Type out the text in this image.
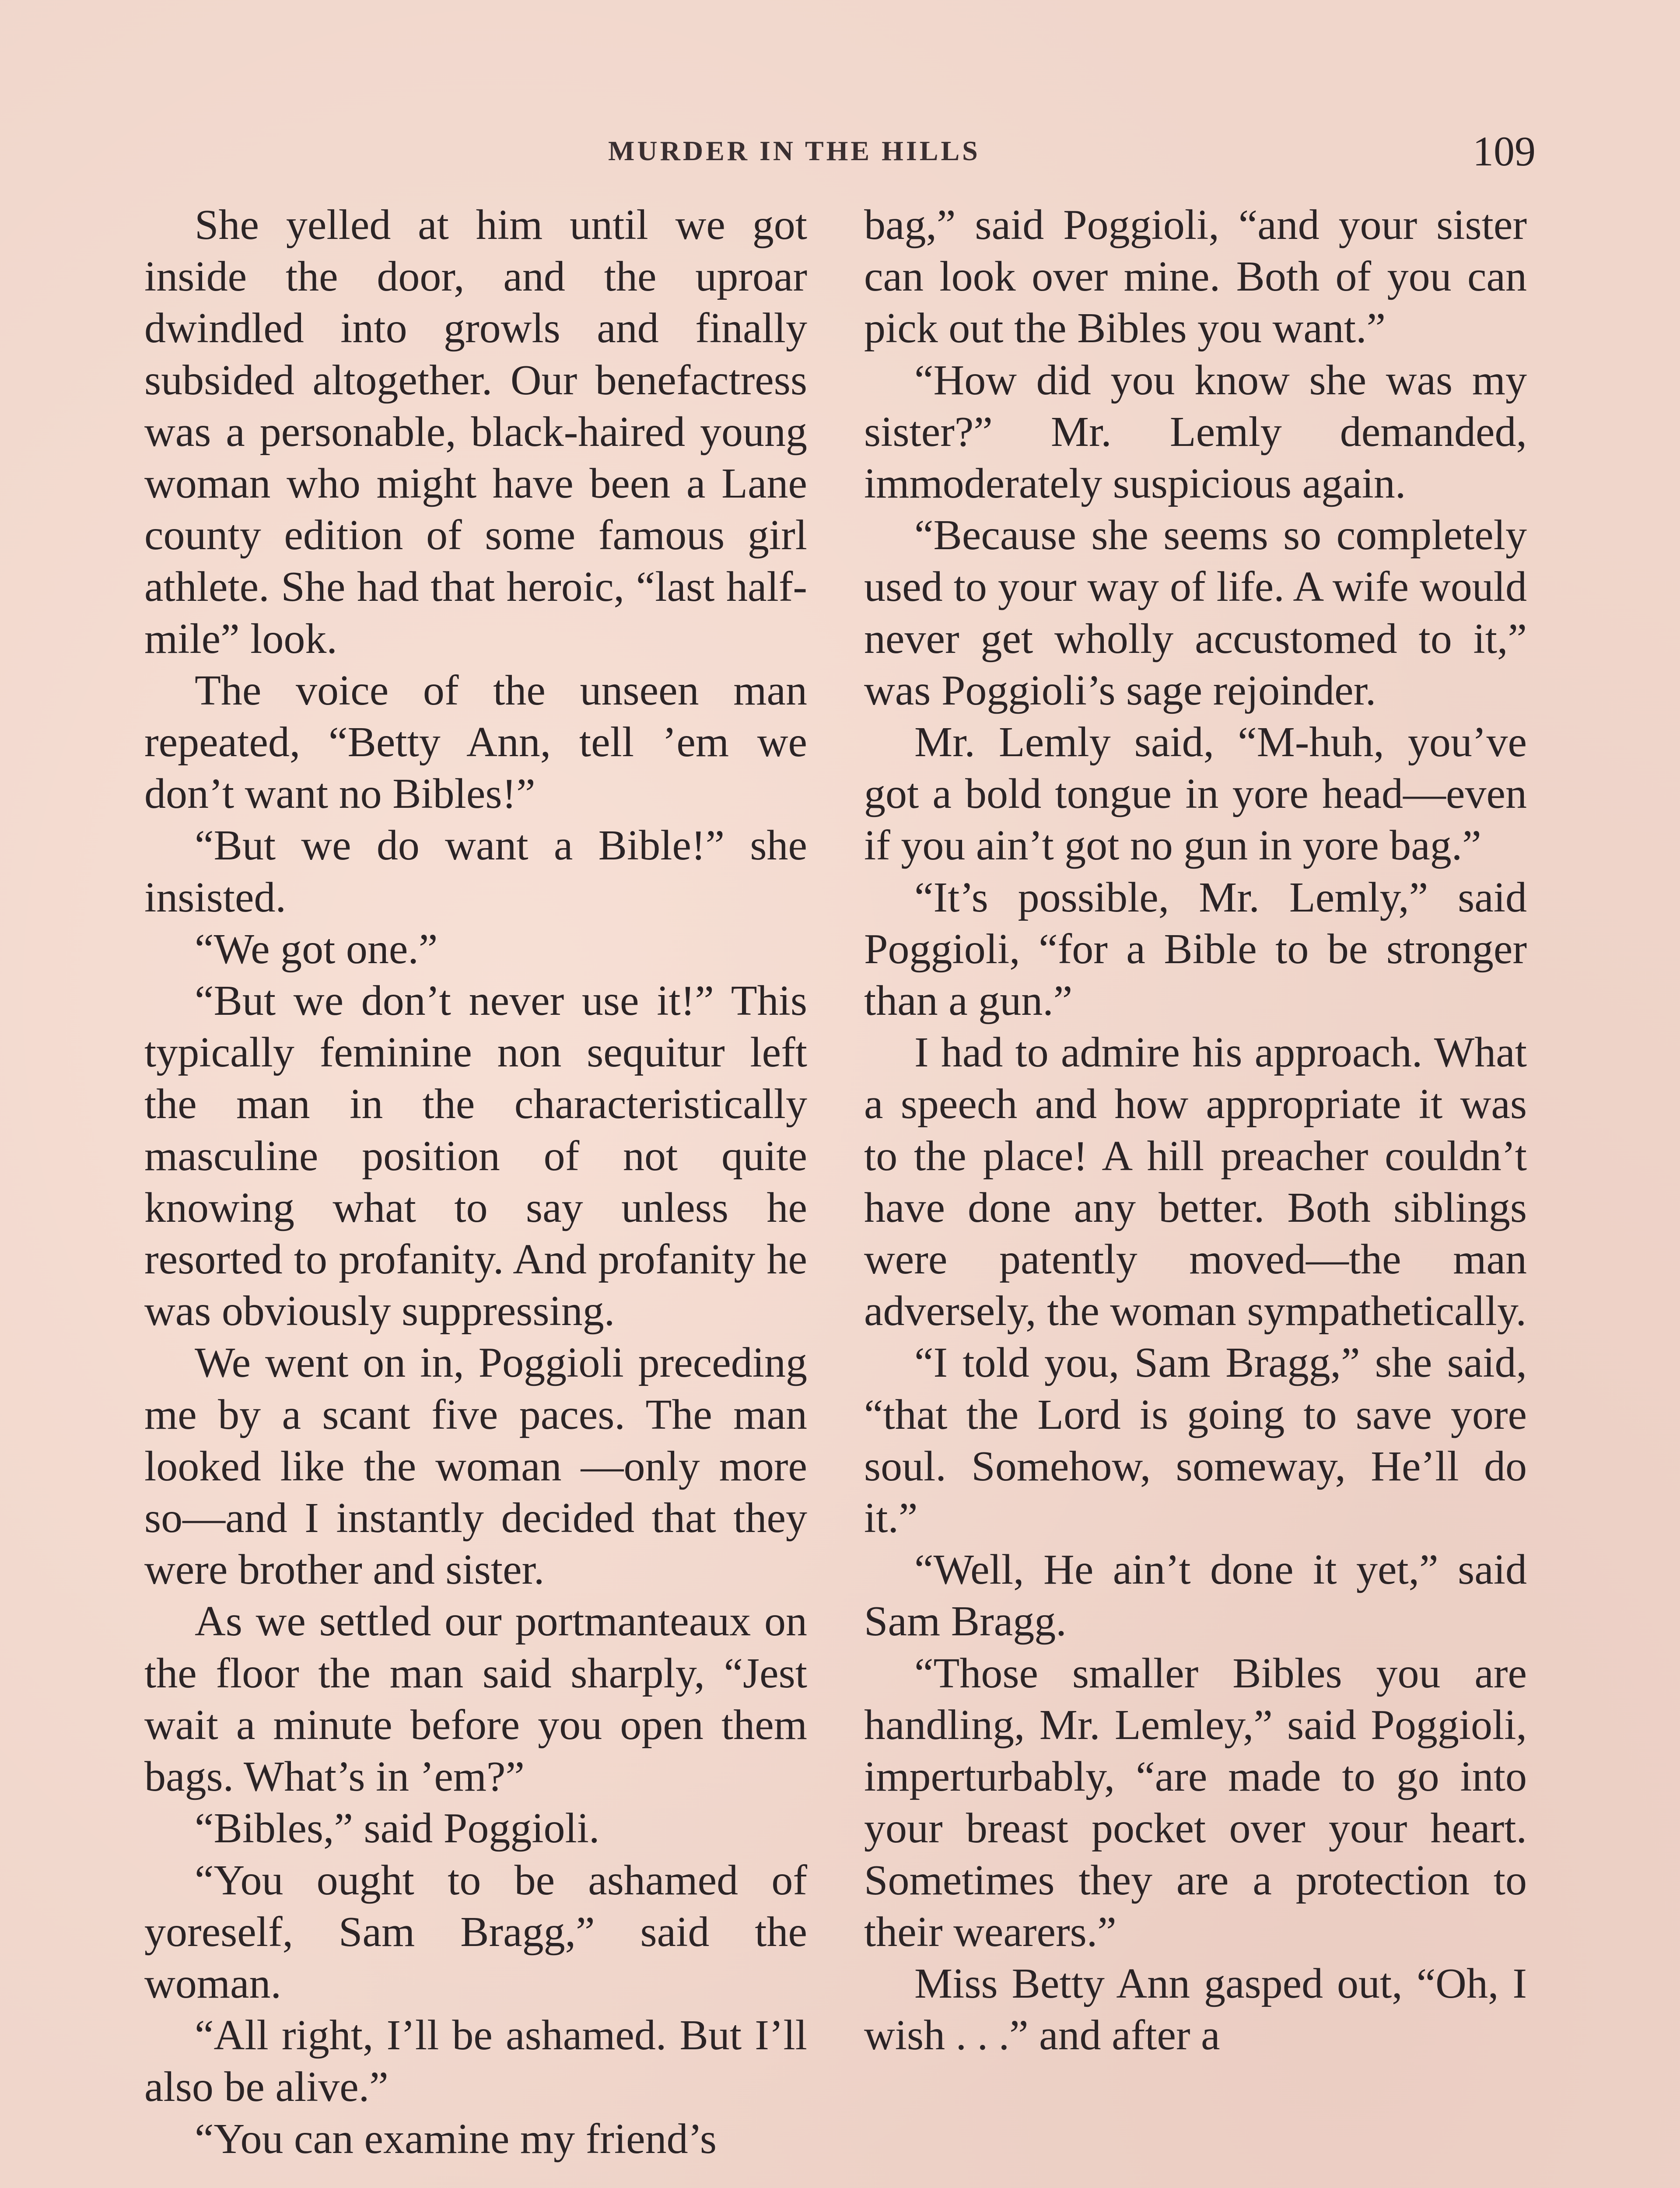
MURDER IN THE HILLS	109

She yelled at him until we got inside the door, and the uproar dwindled into growls and finally subsided altogether. Our benefactress was a personable, black-haired young woman who might have been a Lane county edition of some famous girl athlete. She had that heroic, “last half-mile” look.

The voice of the unseen man repeated, “Betty Ann, tell ’em we don’t want no Bibles!”

“But we do want a Bible!” she insisted.

“We got one.”

“But we don’t never use it!” This typically feminine non sequitur left the man in the characteristically masculine position of not quite knowing what to say unless he resorted to profanity. And profanity he was obviously suppressing.

We went on in, Poggioli preceding me by a scant five paces. The man looked like the woman —only more so—and I instantly decided that they were brother and sister.

As we settled our portmanteaux on the floor the man said sharply, “Jest wait a minute before you open them bags. What’s in ’em?”

“Bibles,” said Poggioli.

“You ought to be ashamed of yoreself, Sam Bragg,” said the woman.

“All right, I’ll be ashamed. But I’ll also be alive.”

“You can examine my friend’s

bag,” said Poggioli, “and your sister can look over mine. Both of you can pick out the Bibles you want.”

“How did you know she was my sister?” Mr. Lemly demanded, immoderately suspicious again.

“Because she seems so completely used to your way of life. A wife would never get wholly accustomed to it,” was Poggioli’s sage rejoinder.

Mr. Lemly said, “M-huh, you’ve got a bold tongue in yore head—even if you ain’t got no gun in yore bag.”

“It’s possible, Mr. Lemly,” said Poggioli, “for a Bible to be stronger than a gun.”

I had to admire his approach. What a speech and how appropriate it was to the place! A hill preacher couldn’t have done any better. Both siblings were patently moved—the man adversely, the woman sympathetically.

“I told you, Sam Bragg,” she said, “that the Lord is going to save yore soul. Somehow, someway, He’ll do it.”

“Well, He ain’t done it yet,” said Sam Bragg.

“Those smaller Bibles you are handling, Mr. Lemley,” said Poggioli, imperturbably, “are made to go into your breast pocket over your heart. Sometimes they are a protection to their wearers.”

Miss Betty Ann gasped out, “Oh, I wish . . .” and after a
